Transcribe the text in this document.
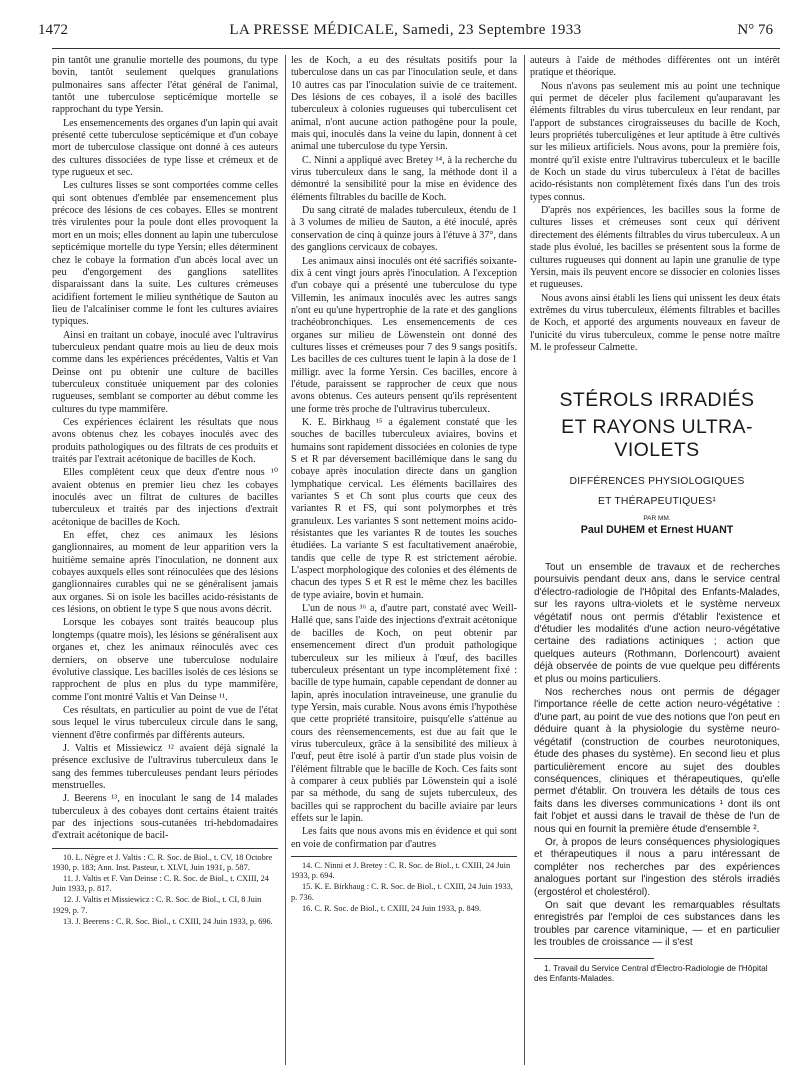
1472	LA PRESSE MÉDICALE, Samedi, 23 Septembre 1933	N° 76

pin tantôt une granulie mortelle des poumons, du type bovin, tantôt seulement quelques granulations pulmonaires sans affecter l'état général de l'animal, tantôt une tuberculose septicémique mortelle se rapprochant du type Yersin.

Les ensemencements des organes d'un lapin qui avait présenté cette tuberculose septicémique et d'un cobaye mort de tuberculose classique ont donné à ces auteurs des cultures dissociées de type lisse et crémeux et de type rugueux et sec.

Les cultures lisses se sont comportées comme celles qui sont obtenues d'emblée par ensemencement plus précoce des lésions de ces cobayes. Elles se montrent très virulentes pour la poule dont elles provoquent la mort en un mois; elles donnent au lapin une tuberculose septicémique mortelle du type Yersin; elles déterminent chez le cobaye la formation d'un abcès local avec un peu d'engorgement des ganglions satellites disparaissant dans la suite. Les cultures crémeuses acidifient fortement le milieu synthétique de Sauton au lieu de l'alcaliniser comme le font les cultures aviaires typiques.

Ainsi en traitant un cobaye, inoculé avec l'ultravirus tuberculeux pendant quatre mois au lieu de deux mois comme dans les expériences précédentes, Valtis et Van Deinse ont pu obtenir une culture de bacilles tuberculeux constituée uniquement par des colonies rugueuses, semblant se comporter au début comme les cultures du type mammifère.

Ces expériences éclairent les résultats que nous avons obtenus chez les cobayes inoculés avec des produits pathologiques ou des filtrats de ces produits et traités par l'extrait acétonique de bacilles de Koch.

Elles complètent ceux que deux d'entre nous ¹⁰ avaient obtenus en premier lieu chez les cobayes inoculés avec un filtrat de cultures de bacilles tuberculeux et traités par des injections d'extrait acétonique de bacilles de Koch.

En effet, chez ces animaux les lésions ganglionnaires, au moment de leur apparition vers la huitième semaine après l'inoculation, ne donnent aux cobayes auxquels elles sont réinoculées que des lésions ganglionnaires curables qui ne se généralisent jamais aux organes. Si on isole les bacilles acido-résistants de ces lésions, on obtient le type S que nous avons décrit.

Lorsque les cobayes sont traités beaucoup plus longtemps (quatre mois), les lésions se généralisent aux organes et, chez les animaux réinoculés avec ces derniers, on observe une tuberculose nodulaire évolutive classique. Les bacilles isolés de ces lésions se rapprochent de plus en plus du type mammifère, comme l'ont montré Valtis et Van Deinse ¹¹.

Ces résultats, en particulier au point de vue de l'état sous lequel le virus tuberculeux circule dans le sang, viennent d'être confirmés par différents auteurs.

J. Valtis et Missiewicz ¹² avaient déjà signalé la présence exclusive de l'ultravirus tuberculeux dans le sang des femmes tuberculeuses pendant leurs périodes menstruelles.

J. Beerens ¹³, en inoculant le sang de 14 malades tuberculeux à des cobayes dont certains étaient traités par des injections sous-cutanées tri-hebdomadaires d'extrait acétonique de bacil-

10. L. Nègre et J. Valtis : C. R. Soc. de Biol., t. CV, 18 Octobre 1930, p. 183; Ann. Inst. Pasteur, t. XLVI, Juin 1931, p. 587.

11. J. Valtis et F. Van Deinse : C. R. Soc. de Biol., t. CXIII, 24 Juin 1933, p. 817.

12. J. Valtis et Missiewicz : C. R. Soc. de Biol., t. CI, 8 Juin 1929, p. 7.

13. J. Beerens : C. R. Soc. Biol., t. CXIII, 24 Juin 1933, p. 696.

les de Koch, a eu des résultats positifs pour la tuberculose dans un cas par l'inoculation seule, et dans 10 autres cas par l'inoculation suivie de ce traitement. Des lésions de ces cobayes, il a isolé des bacilles tuberculeux à colonies rugueuses qui tuberculisent cet animal, n'ont aucune action pathogène pour la poule, mais qui, inoculés dans la veine du lapin, donnent à cet animal une tuberculose du type Yersin.

C. Ninni a appliqué avec Bretey ¹⁴, à la recherche du virus tuberculeux dans le sang, la méthode dont il a démontré la sensibilité pour la mise en évidence des éléments filtrables du bacille de Koch.

Du sang citraté de malades tuberculeux, étendu de 1 à 3 volumes de milieu de Sauton, a été inoculé, après conservation de cinq à quinze jours à l'étuve à 37°, dans des ganglions cervicaux de cobayes.

Les animaux ainsi inoculés ont été sacrifiés soixante-dix à cent vingt jours après l'inoculation. A l'exception d'un cobaye qui a présenté une tuberculose du type Villemin, les animaux inoculés avec les autres sangs n'ont eu qu'une hypertrophie de la rate et des ganglions trachéobronchiques. Les ensemencements de ces organes sur milieu de Löwenstein ont donné des cultures lisses et crémeuses pour 7 des 9 sangs positifs. Les bacilles de ces cultures tuent le lapin à la dose de 1 milligr. avec la forme Yersin. Ces bacilles, encore à l'étude, paraissent se rapprocher de ceux que nous avons obtenus. Ces auteurs pensent qu'ils représentent une forme très proche de l'ultravirus tuberculeux.

K. E. Birkhaug ¹⁵ a également constaté que les souches de bacilles tuberculeux aviaires, bovins et humains sont rapidement dissociées en colonies de type S et R par déversement bacillémique dans le sang du cobaye après inoculation directe dans un ganglion lymphatique cervical. Les éléments bacillaires des variantes S et Ch sont plus courts que ceux des variantes R et FS, qui sont polymorphes et très granuleux. Les variantes S sont nettement moins acido-résistantes que les variantes R de toutes les souches étudiées. La variante S est facultativement anaérobie, tandis que celle de type R est strictement aérobie. L'aspect morphologique des colonies et des éléments de chacun des types S et R est le même chez les bacilles de type aviaire, bovin et humain.

L'un de nous ¹⁶ a, d'autre part, constaté avec Weill-Hallé que, sans l'aide des injections d'extrait acétonique de bacilles de Koch, on peut obtenir par ensemencement direct d'un produit pathologique tuberculeux sur les milieux à l'œuf, des bacilles tuberculeux présentant un type incomplètement fixé : bacille de type humain, capable cependant de donner au lapin, après inoculation intraveineuse, une granulie du type Yersin, mais curable. Nous avons émis l'hypothèse que cette propriété transitoire, puisqu'elle s'atténue au cours des réensemencements, est due au fait que le virus tuberculeux, grâce à la sensibilité des milieux à l'œuf, peut être isolé à partir d'un stade plus voisin de l'élément filtrable que le bacille de Koch. Ces faits sont à comparer à ceux publiés par Löwenstein qui a isolé par sa méthode, du sang de sujets tuberculeux, des bacilles qui se rapprochent du bacille aviaire par leurs effets sur le lapin.

Les faits que nous avons mis en évidence et qui sont en voie de confirmation par d'autres

14. C. Ninni et J. Bretey : C. R. Soc. de Biol., t. CXIII, 24 Juin 1933, p. 694.

15. K. E. Birkhaug : C. R. Soc. de Biol., t. CXIII, 24 Juin 1933, p. 736.

16. C. R. Soc. de Biol., t. CXIII, 24 Juin 1933, p. 849.

auteurs à l'aide de méthodes différentes ont un intérêt pratique et théorique.

Nous n'avons pas seulement mis au point une technique qui permet de déceler plus facilement qu'auparavant les éléments filtrables du virus tuberculeux en leur rendant, par l'apport de substances cirograisseuses du bacille de Koch, leurs propriétés tuberculigènes et leur aptitude à être cultivés sur les milieux artificiels. Nous avons, pour la première fois, montré qu'il existe entre l'ultravirus tuberculeux et le bacille de Koch un stade du virus tuberculeux à l'état de bacilles acido-résistants non complètement fixés dans l'un des trois types connus.

D'après nos expériences, les bacilles sous la forme de cultures lisses et crémeuses sont ceux qui dérivent directement des éléments filtrables du virus tuberculeux. A un stade plus évolué, les bacilles se présentent sous la forme de cultures rugueuses qui donnent au lapin une granulie de type Yersin, mais ils peuvent encore se dissocier en colonies lisses et rugueuses.

Nous avons ainsi établi les liens qui unissent les deux états extrêmes du virus tuberculeux, éléments filtrables et bacilles de Koch, et apporté des arguments nouveaux en faveur de l'unicité du virus tuberculeux, comme le pense notre maître M. le professeur Calmette.

STÉROLS IRRADIÉS
ET RAYONS ULTRA-VIOLETS
DIFFÉRENCES PHYSIOLOGIQUES
ET THÉRAPEUTIQUES¹
PAR MM.
Paul DUHEM et Ernest HUANT

Tout un ensemble de travaux et de recherches poursuivis pendant deux ans, dans le service central d'électro-radiologie de l'Hôpital des Enfants-Malades, sur les rayons ultra-violets et le système nerveux végétatif nous ont permis d'établir l'existence et d'étudier les modalités d'une action neuro-végétative certaine des radiations actiniques ; action que quelques auteurs (Rothmann, Dorlencourt) avaient déjà observée de points de vue quelque peu différents et plus ou moins particuliers.

Nos recherches nous ont permis de dégager l'importance réelle de cette action neuro-végétative : d'une part, au point de vue des notions que l'on peut en déduire quant à la physiologie du système neuro-végétatif (construction de courbes neurotoniques, étude des phases du système). En second lieu et plus particulièrement encore au sujet des doubles conséquences, cliniques et thérapeutiques, qu'elle permet d'établir. On trouvera les détails de tous ces faits dans les diverses communications ¹ dont ils ont fait l'objet et aussi dans le travail de thèse de l'un de nous qui en fournit la première étude d'ensemble ².

Or, à propos de leurs conséquences physiologiques et thérapeutiques il nous a paru intéressant de compléter nos recherches par des expériences analogues portant sur l'ingestion des stérols irradiés (ergostérol et cholestérol).

On sait que devant les remarquables résultats enregistrés par l'emploi de ces substances dans les troubles par carence vitaminique, — et en particulier les troubles de croissance — il s'est

1. Travail du Service Central d'Électro-Radiologie de l'Hôpital des Enfants-Malades.
